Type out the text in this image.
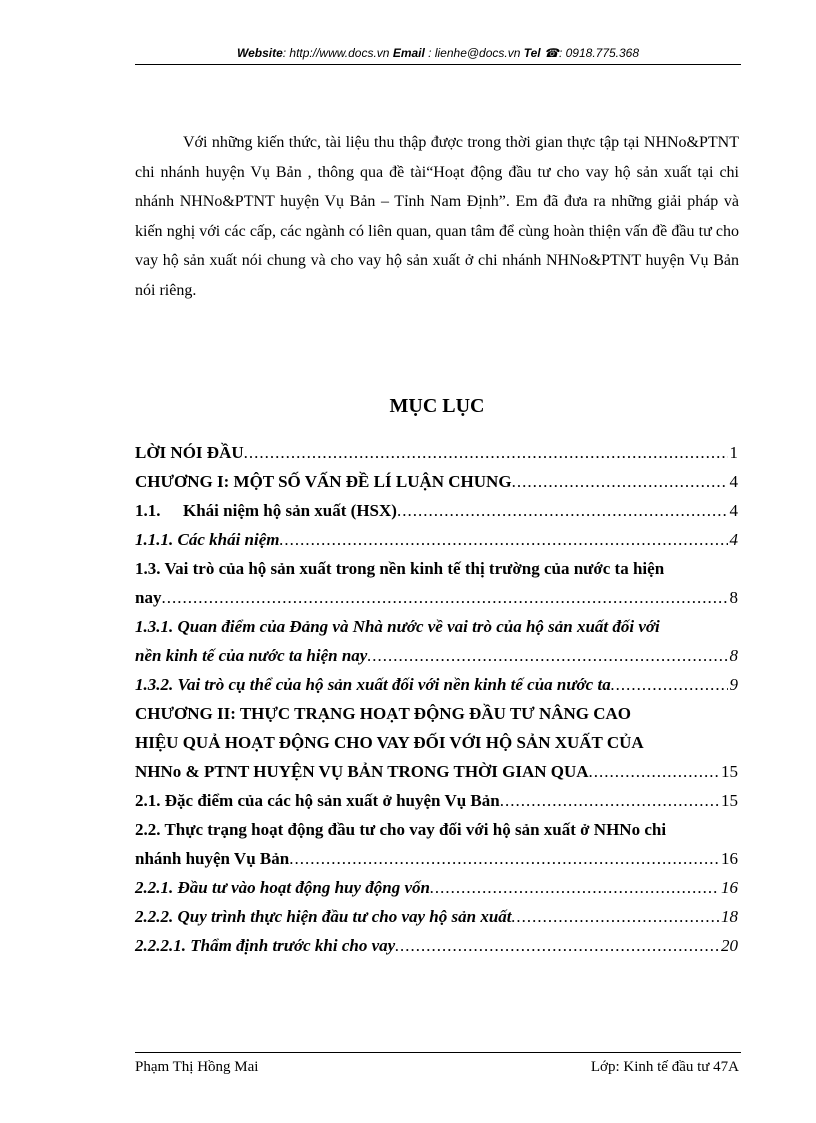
Website: http://www.docs.vn Email : lienhe@docs.vn Tel ☎: 0918.775.368
Với những kiến thức, tài liệu thu thập được trong thời gian thực tập tại NHNo&PTNT chi nhánh huyện Vụ Bản , thông qua đề tài“Hoạt động đầu tư cho vay hộ sản xuất tại chi nhánh NHNo&PTNT huyện Vụ Bản – Tỉnh Nam Định”. Em đã đưa ra những giải pháp và kiến nghị với các cấp, các ngành có liên quan, quan tâm để cùng hoàn thiện vấn đề đầu tư cho vay hộ sản xuất nói chung và cho vay hộ sản xuất ở chi nhánh NHNo&PTNT huyện Vụ Bản nói riêng.
MỤC LỤC
LỜI NÓI ĐẦU .....	1
CHƯƠNG I: MỘT SỐ VẤN ĐỀ LÍ LUẬN CHUNG .....	4
1.1.	Khái niệm hộ sản xuất (HSX) .....	4
1.1.1. Các khái niệm .....	4
1.3. Vai trò của hộ sản xuất trong nền kinh tế thị trường của nước ta hiện
nay .....	8
1.3.1. Quan điểm của Đảng và Nhà nước về vai trò của hộ sản xuất đối với
nền kinh tế của nước ta hiện nay .....	8
1.3.2. Vai trò cụ thể của hộ sản xuất đối với nền kinh tế của nước ta .....	9
CHƯƠNG II: THỰC TRẠNG HOẠT ĐỘNG ĐẦU TƯ NÂNG CAO
HIỆU QUẢ HOẠT ĐỘNG CHO VAY ĐỐI VỚI HỘ SẢN XUẤT CỦA
NHNo & PTNT HUYỆN VỤ BẢN TRONG THỜI GIAN QUA .....	15
2.1. Đặc điểm của các hộ sản xuất ở huyện Vụ Bản .....	15
2.2. Thực trạng hoạt động đầu tư cho vay đối với hộ sản xuất ở NHNo chi
nhánh huyện Vụ Bản .....	16
2.2.1. Đầu tư vào hoạt động huy động vốn .....	16
2.2.2. Quy trình thực hiện đầu tư cho vay hộ sản xuất .....	18
2.2.2.1. Thẩm định trước khi cho vay .....	20
Phạm Thị Hồng Mai	Lớp: Kinh tế đầu tư 47A
